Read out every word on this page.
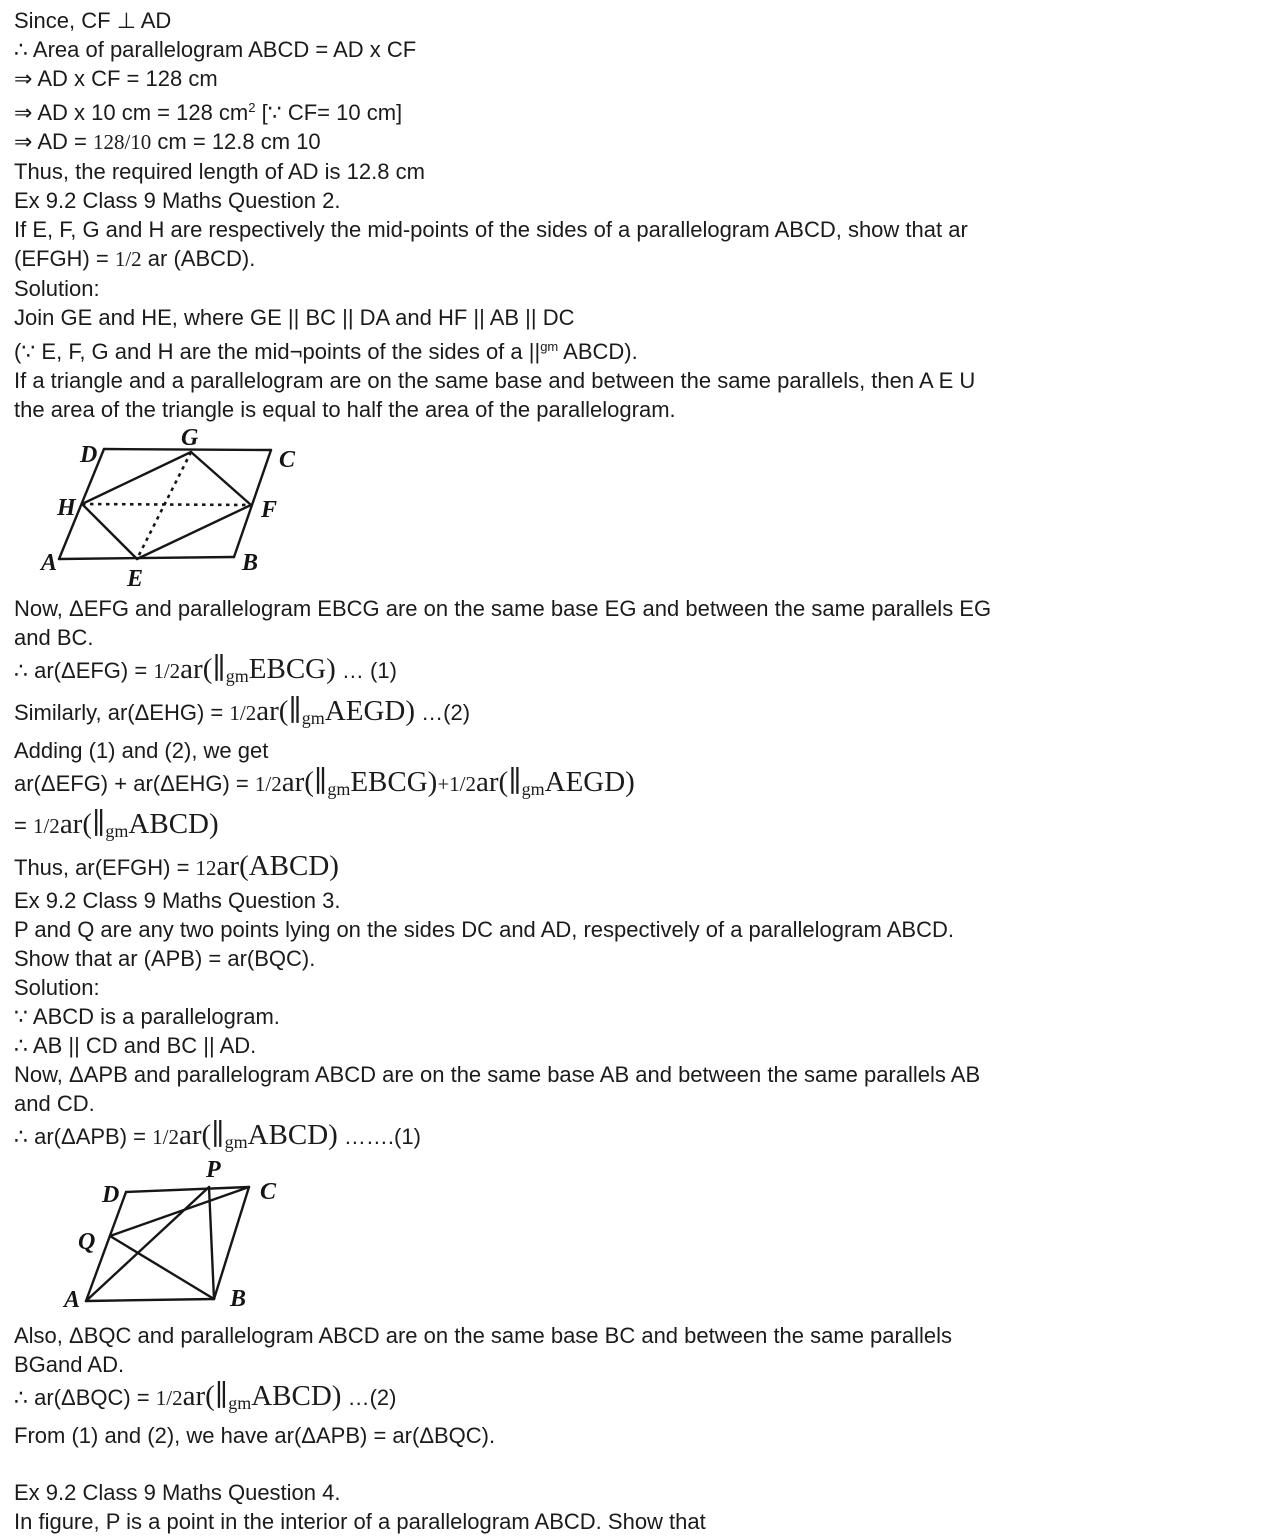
Since, CF ⊥ AD
∴ Area of parallelogram ABCD = AD x CF
⇒ AD x CF = 128 cm
⇒ AD x 10 cm = 128 $cm^2$ [∵ CF= 10 cm]
⇒ AD = 128/10 cm = 12.8 cm 10
Thus, the required length of AD is 12.8 cm
Ex 9.2 Class 9 Maths Question 2.
If E, F, G and H are respectively the mid-points of the sides of a parallelogram ABCD, show that ar
(EFGH) = 1/2 ar (ABCD).
Solution:
Join GE and HE, where GE || BC || DA and HF || AB || DC
(∵ E, F, G and H are the mid¬points of the sides of a $||^{gm}$ ABCD).
If a triangle and a parallelogram are on the same base and between the same parallels, then A E U
the area of the triangle is equal to half the area of the parallelogram.
G
D	C
H	F
A
E
B
Now, ΔEFG and parallelogram EBCG are on the same base EG and between the same parallels EG
and BC.
∴ ar(ΔEFG) = 1/2ar(∥gmEBCG) … (1)
Similarly, ar(ΔEHG) = 1/2ar(∥gmAEGD) …(2)
Adding (1) and (2), we get
ar(ΔEFG) + ar(ΔEHG) = 1/2ar(∥gmEBCG)+1/2ar(∥gmAEGD)
= 1/2ar(∥gmABCD)
Thus, ar(EFGH) = 12ar(ABCD)
Ex 9.2 Class 9 Maths Question 3.
P and Q are any two points lying on the sides DC and AD, respectively of a parallelogram ABCD.
Show that ar (APB) = ar(BQC).
Solution:
∵ ABCD is a parallelogram.
∴ AB || CD and BC || AD.
Now, ΔAPB and parallelogram ABCD are on the same base AB and between the same parallels AB
and CD.
∴ ar(ΔAPB) = 1/2ar(∥gmABCD) …….(1)
P
D	C
Q
A	B
Also, ΔBQC and parallelogram ABCD are on the same base BC and between the same parallels
BGand AD.
∴ ar(ΔBQC) = 1/2ar(∥gmABCD) …(2)
From (1) and (2), we have ar(ΔAPB) = ar(ΔBQC).
Ex 9.2 Class 9 Maths Question 4.
In figure, P is a point in the interior of a parallelogram ABCD. Show that
